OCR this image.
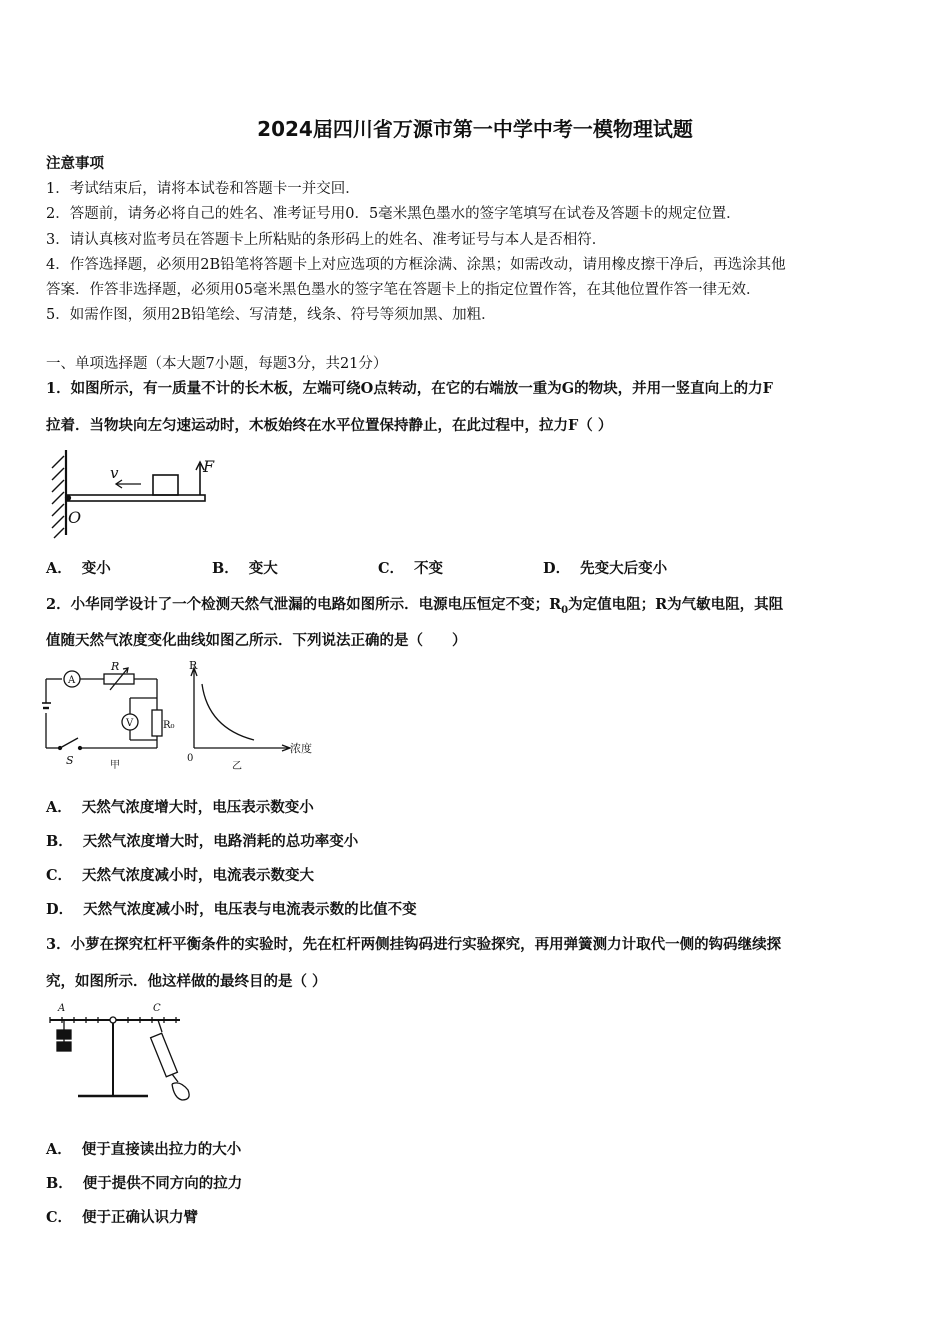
2024届四川省万源市第一中学中考一模物理试题
注意事项
1．考试结束后，请将本试卷和答题卡一并交回．
2．答题前，请务必将自己的姓名、准考证号用0．5毫米黑色墨水的签字笔填写在试卷及答题卡的规定位置．
3．请认真核对监考员在答题卡上所粘贴的条形码上的姓名、准考证号与本人是否相符．
4．作答选择题，必须用2B铅笔将答题卡上对应选项的方框涂满、涂黑；如需改动，请用橡皮擦干净后，再选涂其他
答案．作答非选择题，必须用05毫米黑色墨水的签字笔在答题卡上的指定位置作答，在其他位置作答一律无效．
5．如需作图，须用2B铅笔绘、写清楚，线条、符号等须加黑、加粗．
一、单项选择题（本大题7小题，每题3分，共21分）
1．如图所示，有一质量不计的长木板，左端可绕O点转动，在它的右端放一重为G的物块，并用一竖直向上的力F
拉着．当物块向左匀速运动时，木板始终在水平位置保持静止，在此过程中，拉力F（ ）
v	F
O
A． 变小	B． 变大	C． 不变	D． 先变大后变小
2．小华同学设计了一个检测天然气泄漏的电路如图所示．电源电压恒定不变；$R_0$为定值电阻；R为气敏电阻，其阻
值随天然气浓度变化曲线如图乙所示．下列说法正确的是（　　）
A
R
V	R₀
S	甲
R
0
浓度
乙
A． 天然气浓度增大时，电压表示数变小
B． 天然气浓度增大时，电路消耗的总功率变小
C． 天然气浓度减小时，电流表示数变大
D． 天然气浓度减小时，电压表与电流表示数的比值不变
3．小萝在探究杠杆平衡条件的实验时，先在杠杆两侧挂钩码进行实验探究，再用弹簧测力计取代一侧的钩码继续探
究，如图所示．他这样做的最终目的是（ ）
A	C
A． 便于直接读出拉力的大小
B． 便于提供不同方向的拉力
C． 便于正确认识力臂
